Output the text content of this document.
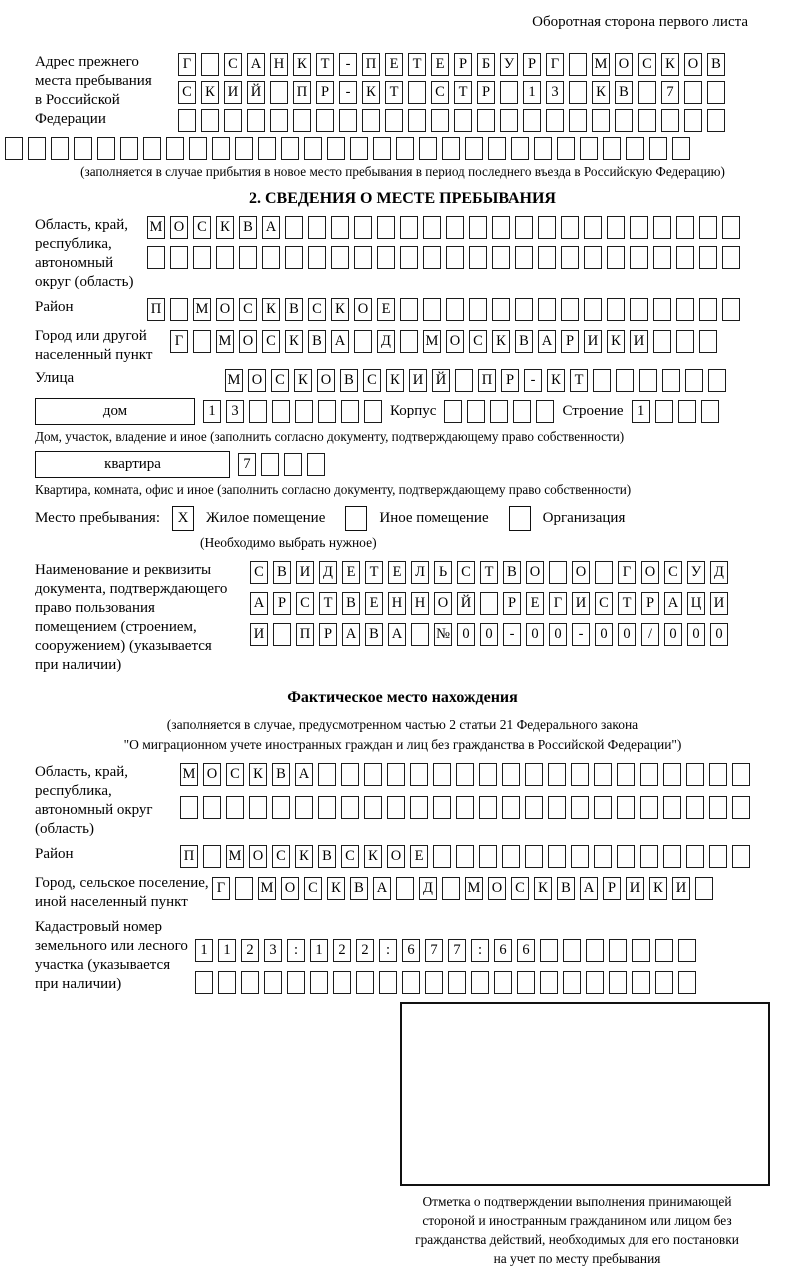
Оборотная сторона первого листа
Адрес прежнего
места пребывания
в Российской
Федерации
Г	С А Н К Т	-	П Е Т Е	Р	Б У Р	Г	М О С К О В
С К И Й П Р	-	К Т	С Т	Р	1	3	К В	7
(заполняется в случае прибытия в новое место пребывания в период последнего въезда в Российскую Федерацию)
2. СВЕДЕНИЯ О МЕСТЕ ПРЕБЫВАНИЯ
Область, край,
республика,
автономный
округ (область)
М О С К В А
Район	П М О С К В С К О Е
Город или другой
населенный пункт
Г	М О С К В А Д М О С К В А Р И К И
Улица	М О С К О В С К И Й П Р	-	К Т
дом	1	3	Корпус	Строение 1
Дом, участок, владение и иное (заполнить согласно документу, подтверждающему право собственности)
квартира	7
Квартира, комната, офис и иное (заполнить согласно документу, подтверждающему право собственности)
Место пребывания:	X	Жилое помещение	Иное помещение	Организация
(Необходимо выбрать нужное)
Наименование и реквизиты
документа, подтверждающего
право пользования
помещением (строением,
сооружением) (указывается
при наличии)
С В И Д Е Т Е Л Ь С Т В О О	Г О С У Д
А Р С Т В Е Н Н О Й	Р	Е Г И С Т	Р А Ц И
И П Р А В А № 0	0	-	0	0	-	0	0	/	0	0	0
Фактическое место нахождения
(заполняется в случае, предусмотренном частью 2 статьи 21 Федерального закона
"О миграционном учете иностранных граждан и лиц без гражданства в Российской Федерации")
Область, край,
республика,
автономный округ
(область)
М О С К В А
Район	П М О С К В С К О Е
Город, сельское поселение,
иной населенный пункт
Г	М О С К В А Д М О С К В А Р И К И
Кадастровый номер
земельного или лесного
участка (указывается
при наличии)
1	1	2	3	:	1	2	2	:	6	7	7	:	6	6
Отметка о подтверждении выполнения принимающей
стороной и иностранным гражданином или лицом без
гражданства действий, необходимых для его постановки
на учет по месту пребывания
